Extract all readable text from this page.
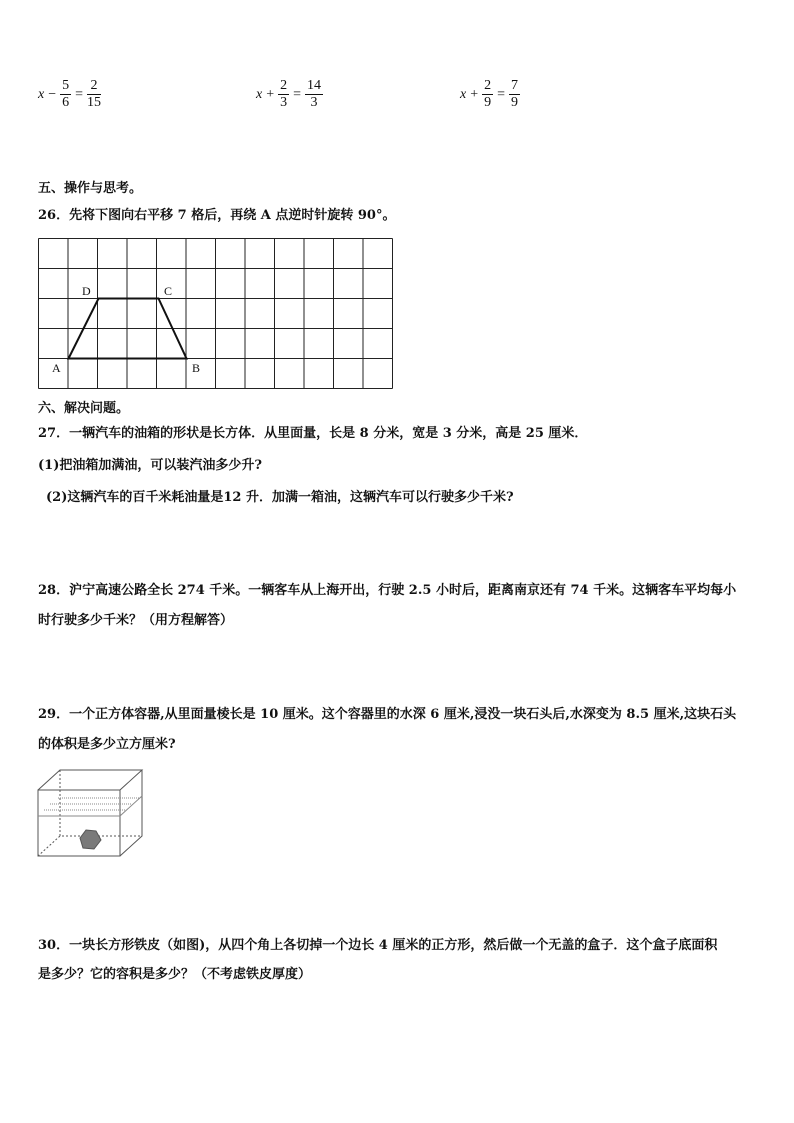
$x - \frac{5}{6} = \frac{2}{15}$	$x + \frac{2}{3} = \frac{14}{3}$	$x + \frac{2}{9} = \frac{7}{9}$
五、操作与思考。
26．先将下图向右平移 7 格后，再绕 A 点逆时针旋转 90°。
A	B
C
D
六、解决问题。
27．一辆汽车的油箱的形状是长方体．从里面量，长是 8 分米，宽是 3 分米，高是 25 厘米．
(1)把油箱加满油，可以装汽油多少升?
(2)这辆汽车的百千米耗油量是12 升．加满一箱油，这辆汽车可以行驶多少千米?
28．沪宁高速公路全长 274 千米。一辆客车从上海开出，行驶 2.5 小时后，距离南京还有 74 千米。这辆客车平均每小
时行驶多少千米？（用方程解答）
29．一个正方体容器,从里面量棱长是 10 厘米。这个容器里的水深 6 厘米,浸没一块石头后,水深变为 8.5 厘米,这块石头
的体积是多少立方厘米?
30．一块长方形铁皮（如图)，从四个角上各切掉一个边长 4 厘米的正方形，然后做一个无盖的盒子．这个盒子底面积
是多少？它的容积是多少？（不考虑铁皮厚度）
